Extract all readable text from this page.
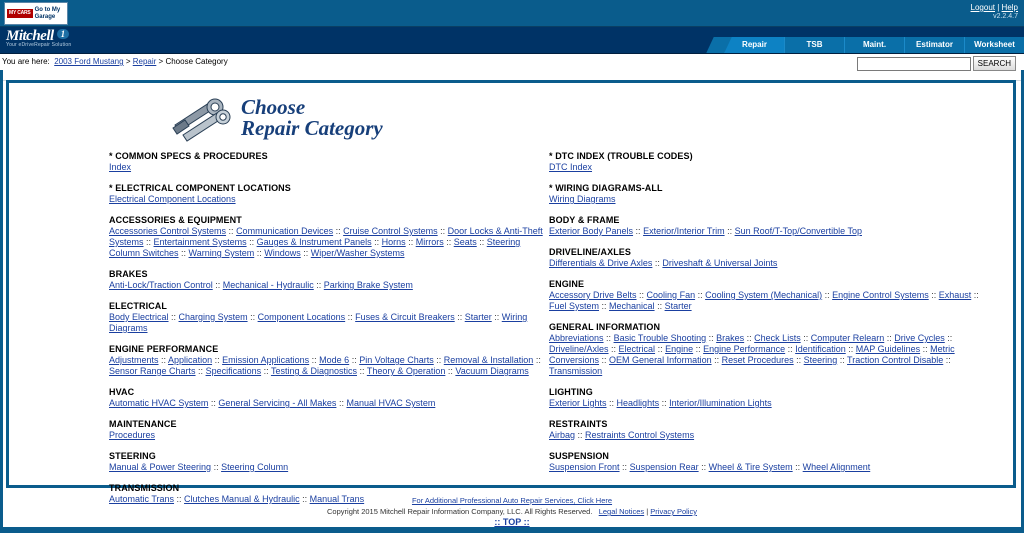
MY CARS
Go to My
Garage
Logout | Help
v2.2.4.7
Mitchell 1
Your eDriveRepair Solution	Repair	TSB	Maint.	Estimator	Worksheet
You are here: 2003 Ford Mustang > Repair > Choose Category	SEARCH
Choose
Repair Category
* COMMON SPECS & PROCEDURES
Index
* ELECTRICAL COMPONENT LOCATIONS
Electrical Component Locations
ACCESSORIES & EQUIPMENT
Accessories Control Systems :: Communication Devices :: Cruise Control Systems :: Door Locks & Anti-Theft Systems :: Entertainment Systems :: Gauges & Instrument Panels :: Horns :: Mirrors :: Seats :: Steering Column Switches :: Warning System :: Windows :: Wiper/Washer Systems
BRAKES
Anti-Lock/Traction Control :: Mechanical - Hydraulic :: Parking Brake System
ELECTRICAL
Body Electrical :: Charging System :: Component Locations :: Fuses & Circuit Breakers :: Starter :: Wiring Diagrams
ENGINE PERFORMANCE
Adjustments :: Application :: Emission Applications :: Mode 6 :: Pin Voltage Charts :: Removal & Installation :: Sensor Range Charts :: Specifications :: Testing & Diagnostics :: Theory & Operation :: Vacuum Diagrams
HVAC
Automatic HVAC System :: General Servicing - All Makes :: Manual HVAC System
MAINTENANCE
Procedures
STEERING
Manual & Power Steering :: Steering Column
TRANSMISSION
Automatic Trans :: Clutches Manual & Hydraulic :: Manual Trans
* DTC INDEX (TROUBLE CODES)
DTC Index
* WIRING DIAGRAMS-ALL
Wiring Diagrams
BODY & FRAME
Exterior Body Panels :: Exterior/Interior Trim :: Sun Roof/T-Top/Convertible Top
DRIVELINE/AXLES
Differentials & Drive Axles :: Driveshaft & Universal Joints
ENGINE
Accessory Drive Belts :: Cooling Fan :: Cooling System (Mechanical) :: Engine Control Systems :: Exhaust :: Fuel System :: Mechanical :: Starter
GENERAL INFORMATION
Abbreviations :: Basic Trouble Shooting :: Brakes :: Check Lists :: Computer Relearn :: Drive Cycles :: Driveline/Axles :: Electrical :: Engine :: Engine Performance :: Identification :: MAP Guidelines :: Metric Conversions :: OEM General Information :: Reset Procedures :: Steering :: Traction Control Disable :: Transmission
LIGHTING
Exterior Lights :: Headlights :: Interior/Illumination Lights
RESTRAINTS
Airbag :: Restraints Control Systems
SUSPENSION
Suspension Front :: Suspension Rear :: Wheel & Tire System :: Wheel Alignment
For Additional Professional Auto Repair Services, Click Here
Copyright 2015 Mitchell Repair Information Company, LLC. All Rights Reserved. Legal Notices | Privacy Policy
:: TOP ::
